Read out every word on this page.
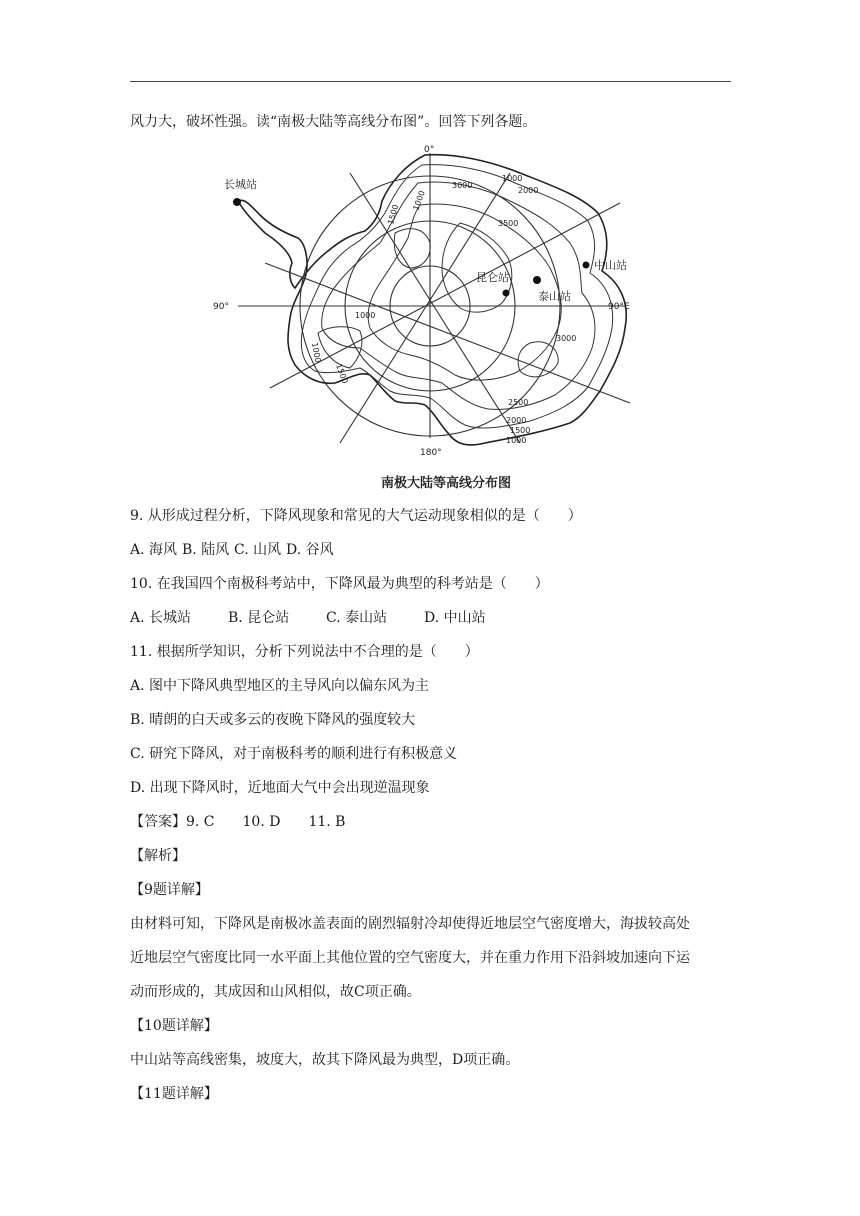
风力大，破坏性强。读“南极大陆等高线分布图”。回答下列各题。
0°
180°
90°	90°E
3000
1000
2000
3500
1500
1000
1000
1000
1500
3000
2500
2000
1500
1000
长城站
昆仑站
泰山站
中山站
南极大陆等高线分布图
9. 从形成过程分析，下降风现象和常见的大气运动现象相似的是（　　）
A. 海风 B. 陆风 C. 山风 D. 谷风
10. 在我国四个南极科考站中，下降风最为典型的科考站是（　　）
A. 长城站	B. 昆仑站	C. 泰山站	D. 中山站
11. 根据所学知识，分析下列说法中不合理的是（　　）
A. 图中下降风典型地区的主导风向以偏东风为主
B. 晴朗的白天或多云的夜晚下降风的强度较大
C. 研究下降风，对于南极科考的顺利进行有积极意义
D. 出现下降风时，近地面大气中会出现逆温现象
【答案】9. C　　10. D　　11. B
【解析】
【9题详解】
由材料可知，下降风是南极冰盖表面的剧烈辐射冷却使得近地层空气密度增大，海拔较高处
近地层空气密度比同一水平面上其他位置的空气密度大，并在重力作用下沿斜坡加速向下运
动而形成的，其成因和山风相似，故C项正确。
【10题详解】
中山站等高线密集，坡度大，故其下降风最为典型，D项正确。
【11题详解】
